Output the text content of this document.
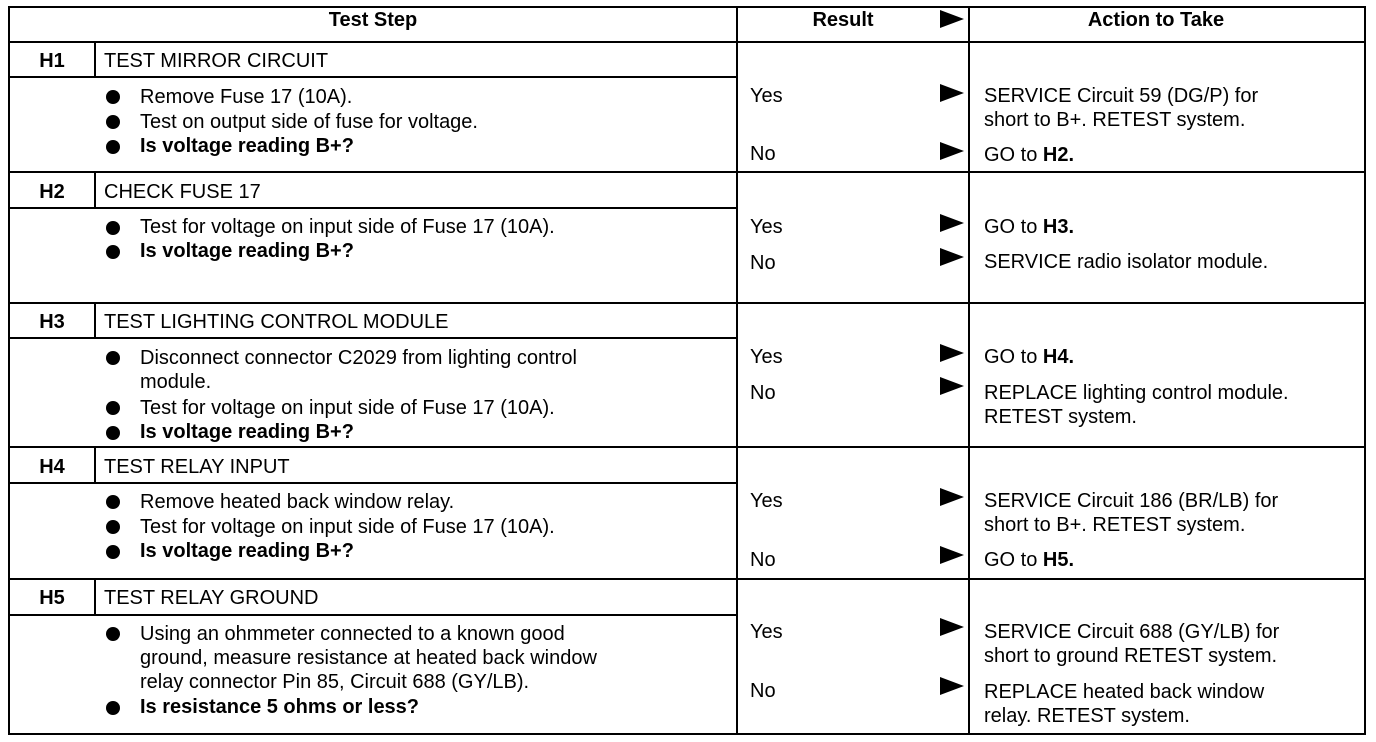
Test Step	Result	Action to Take
H1	TEST MIRROR CIRCUIT
Remove Fuse 17 (10A).
Test on output side of fuse for voltage.
Is voltage reading B+?
Yes	SERVICE Circuit 59 (DG/P) for
short to B+. RETEST system.
No	GO to H2.
H2	CHECK FUSE 17
Test for voltage on input side of Fuse 17 (10A).
Is voltage reading B+?
Yes	GO to H3.
No	SERVICE radio isolator module.
H3	TEST LIGHTING CONTROL MODULE
Disconnect connector C2029 from lighting control
module.
Test for voltage on input side of Fuse 17 (10A).
Is voltage reading B+?
Yes	GO to H4.
No	REPLACE lighting control module.
RETEST system.
H4	TEST RELAY INPUT
Remove heated back window relay.
Test for voltage on input side of Fuse 17 (10A).
Is voltage reading B+?
Yes	SERVICE Circuit 186 (BR/LB) for
short to B+. RETEST system.
No	GO to H5.
H5	TEST RELAY GROUND
Using an ohmmeter connected to a known good
ground, measure resistance at heated back window
relay connector Pin 85, Circuit 688 (GY/LB).
Is resistance 5 ohms or less?
Yes	SERVICE Circuit 688 (GY/LB) for
short to ground RETEST system.
No	REPLACE heated back window
relay. RETEST system.
